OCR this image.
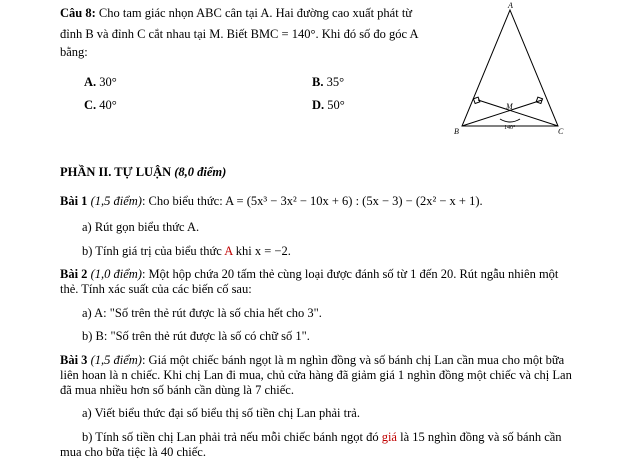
Câu 8: Cho tam giác nhọn ABC cân tại A. Hai đường cao xuất phát từ
đỉnh B và đỉnh C cắt nhau tại M. Biết BMC = 140°. Khi đó số đo góc A
bằng:
A. 30°	B. 35°
C. 40°	D. 50°
A
B	C
M
140°
PHẦN II. TỰ LUẬN (8,0 điểm)
Bài 1 (1,5 điểm): Cho biểu thức: A = (5x³ − 3x² − 10x + 6) : (5x − 3) − (2x² − x + 1).
a) Rút gọn biểu thức A.
b) Tính giá trị của biểu thức A khi x = −2.
Bài 2 (1,0 điểm): Một hộp chứa 20 tấm thẻ cùng loại được đánh số từ 1 đến 20. Rút ngẫu nhiên một
thẻ. Tính xác suất của các biến cố sau:
a) A: "Số trên thẻ rút được là số chia hết cho 3".
b) B: "Số trên thẻ rút được là số có chữ số 1".
Bài 3 (1,5 điểm): Giá một chiếc bánh ngọt là m nghìn đồng và số bánh chị Lan cần mua cho một bữa
liên hoan là n chiếc. Khi chị Lan đi mua, chủ cửa hàng đã giảm giá 1 nghìn đồng một chiếc và chị Lan
đã mua nhiều hơn số bánh cần dùng là 7 chiếc.
a) Viết biểu thức đại số biểu thị số tiền chị Lan phải trả.
b) Tính số tiền chị Lan phải trả nếu mỗi chiếc bánh ngọt đó giá là 15 nghìn đồng và số bánh cần
mua cho bữa tiệc là 40 chiếc.
